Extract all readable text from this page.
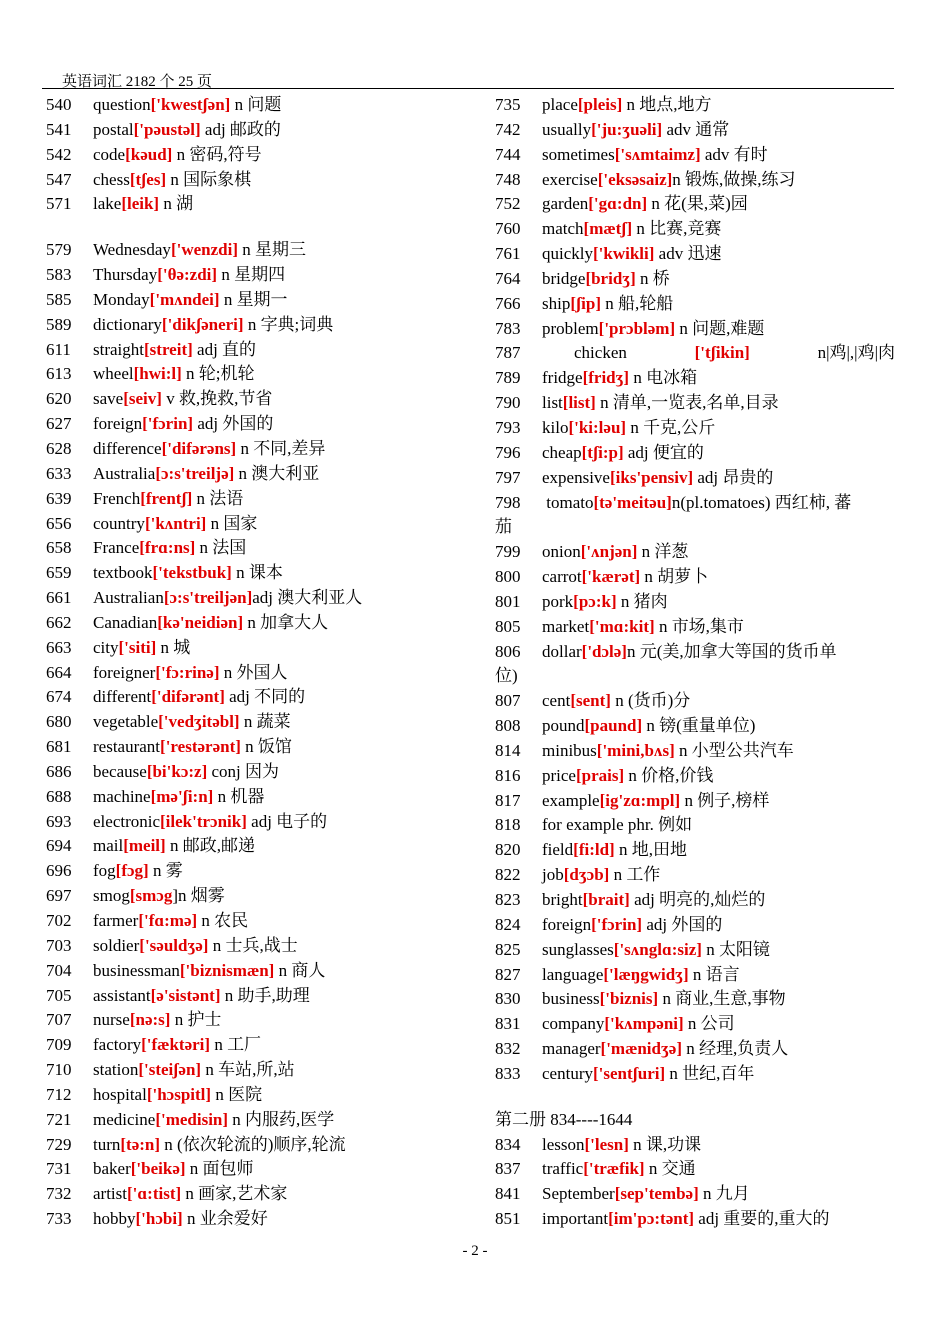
英语词汇 2182 个 25 页
540 question['kwestʃən] n 问题
541 postal['pəustəl] adj 邮政的
542 code[kəud] n 密码,符号
547 chess[tʃes] n 国际象棋
571 lake[leik] n 湖
579 Wednesday['wenzdi] n 星期三
583 Thursday['θə:zdi] n 星期四
585 Monday['mʌndei] n 星期一
589 dictionary['dikʃəneri] n 字典;词典
611 straight[streit] adj 直的
613 wheel[hwi:l] n 轮;机轮
620 save[seiv] v 救,挽救,节省
627 foreign['fɔrin] adj 外国的
628 difference['difərəns] n 不同,差异
633 Australia[ɔ:s'treiljə] n 澳大利亚
639 French[frentʃ] n 法语
656 country['kʌntri] n 国家
658 France[frɑ:ns] n 法国
659 textbook['tekstbuk] n 课本
661 Australian[ɔ:s'treiljən]adj 澳大利亚人
662 Canadian[kə'neidiən] n 加拿大人
663 city['siti] n 城
664 foreigner['fɔ:rinə] n 外国人
674 different['difərənt] adj 不同的
680 vegetable['vedʒitəbl] n 蔬菜
681 restaurant['restərənt] n 饭馆
686 because[bi'kɔ:z] conj 因为
688 machine[mə'ʃi:n] n 机器
693 electronic[ilek'trɔnik] adj 电子的
694 mail[meil] n 邮政,邮递
696 fog[fɔg] n 雾
697 smog[smɔg]n 烟雾
702 farmer['fɑ:mə] n 农民
703 soldier['səuldʒə] n 士兵,战士
704 businessman['biznismæn] n 商人
705 assistant[ə'sistənt] n 助手,助理
707 nurse[nə:s] n 护士
709 factory['fæktəri] n 工厂
710 station['steiʃən] n 车站,所,站
712 hospital['hɔspitl] n 医院
721 medicine['medisin] n 内服药,医学
729 turn[tə:n] n (依次轮流的)顺序,轮流
731 baker['beikə] n 面包师
732 artist['ɑ:tist] n 画家,艺术家
733 hobby['hɔbi] n 业余爱好
735 place[pleis] n 地点,地方
742 usually['ju:ʒuəli] adv 通常
744 sometimes['sʌmtaimz] adv 有时
748 exercise['eksəsaiz]n 锻炼,做操,练习
752 garden['gɑ:dn] n 花(果,菜)园
760 match[mætʃ] n 比赛,竞赛
761 quickly['kwikli] adv 迅速
764 bridge[bridʒ] n 桥
766 ship[ʃip] n 船,轮船
783 problem['prɔbləm] n 问题,难题
787	chicken	['tʃikin]	n|鸡|,|鸡|肉
789 fridge[fridʒ] n 电冰箱
790 list[list] n 清单,一览表,名单,目录
793 kilo['ki:ləu] n 千克,公斤
796 cheap[tʃi:p] adj 便宜的
797 expensive[iks'pensiv] adj 昂贵的
798 tomato[tə'meitəu]n(pl.tomatoes) 西红柿, 蕃
茄
799 onion['ʌnjən] n 洋葱
800 carrot['kærət] n 胡萝卜
801 pork[pɔ:k] n 猪肉
805 market['mɑ:kit] n 市场,集市
806 dollar['dɔlə]n 元(美,加拿大等国的货币单
位)
807 cent[sent] n (货币)分
808 pound[paund] n 镑(重量单位)
814 minibus['mini,bʌs] n 小型公共汽车
816 price[prais] n 价格,价钱
817 example[ig'zɑ:mpl] n 例子,榜样
818 for example phr. 例如
820 field[fi:ld] n 地,田地
822 job[dʒɔb] n 工作
823 bright[brait] adj 明亮的,灿烂的
824 foreign['fɔrin] adj 外国的
825 sunglasses['sʌnglɑ:siz] n 太阳镜
827 language['læŋgwidʒ] n 语言
830 business['biznis] n 商业,生意,事物
831 company['kʌmpəni] n 公司
832 manager['mænidʒə] n 经理,负责人
833 century['sentʃuri] n 世纪,百年
第二册 834----1644
834 lesson['lesn] n 课,功课
837 traffic['træfik] n 交通
841 September[sep'tembə] n 九月
851 important[im'pɔ:tənt] adj 重要的,重大的
- 2 -
